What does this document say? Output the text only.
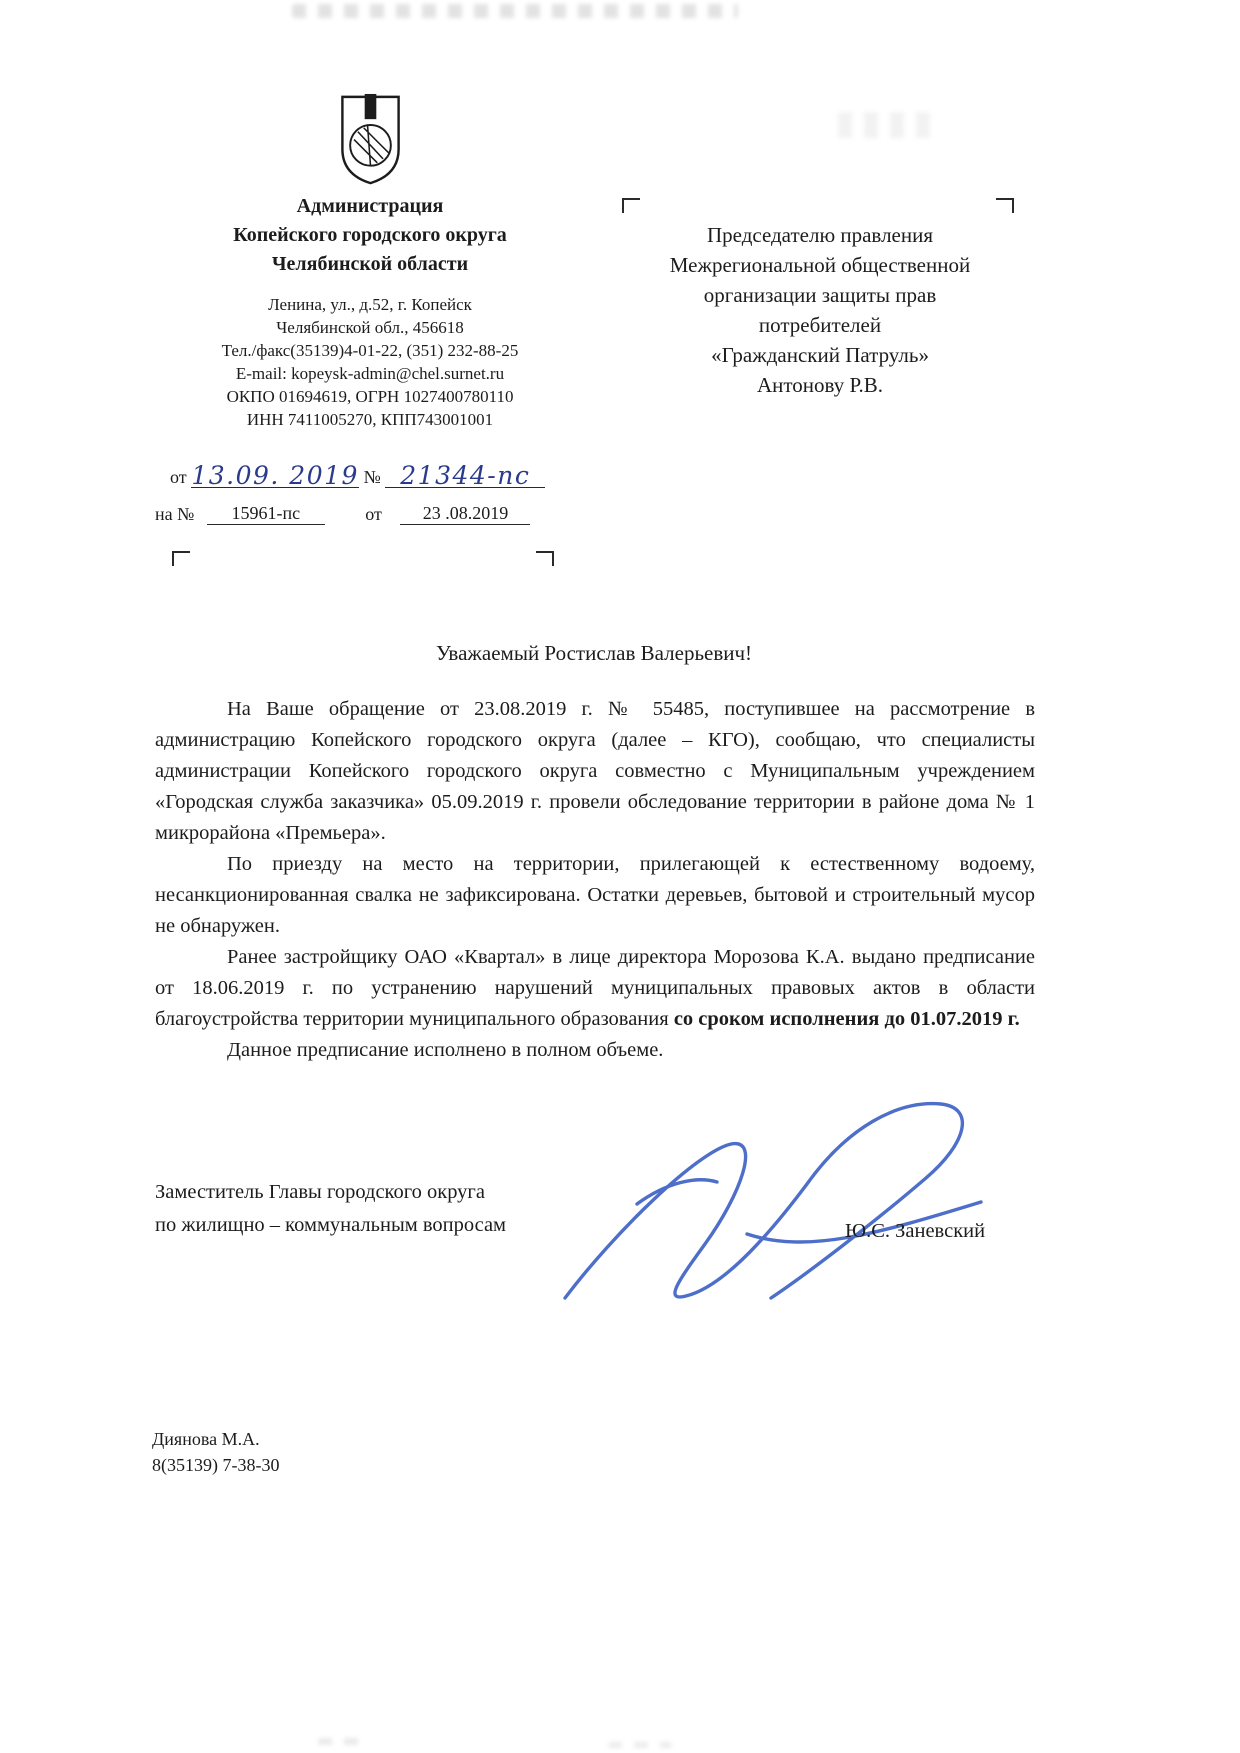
Администрация
Копейского городского округа
Челябинской области
Ленина, ул., д.52, г. Копейск
Челябинской обл., 456618
Тел./факс(35139)4-01-22, (351) 232-88-25
E-mail: kopeysk-admin@chel.surnet.ru
ОКПО 01694619, ОГРН 1027400780110
ИНН 7411005270, КПП743001001
Председателю правления
Межрегиональной общественной
организации защиты прав
потребителей
«Гражданский Патруль»
Антонову Р.В.
от 13.09. 2019 № 21344-пс
на № 15961-пс	от 23 .08.2019
Уважаемый Ростислав Валерьевич!

На Ваше обращение от 23.08.2019 г. № 55485, поступившее на рассмотрение в администрацию Копейского городского округа (далее – КГО), сообщаю, что специалисты администрации Копейского городского округа совместно с Муниципальным учреждением «Городская служба заказчика» 05.09.2019 г. провели обследование территории в районе дома № 1 микрорайона «Премьера».

По приезду на место на территории, прилегающей к естественному водоему, несанкционированная свалка не зафиксирована. Остатки деревьев, бытовой и строительный мусор не обнаружен.

Ранее застройщику ОАО «Квартал» в лице директора Морозова К.А. выдано предписание от 18.06.2019 г. по устранению нарушений муниципальных правовых актов в области благоустройства территории муниципального образования со сроком исполнения до 01.07.2019 г.

Данное предписание исполнено в полном объеме.

Заместитель Главы городского округа
по жилищно – коммунальным вопросам	Ю.С. Заневский
Диянова М.А.
8(35139) 7-38-30
